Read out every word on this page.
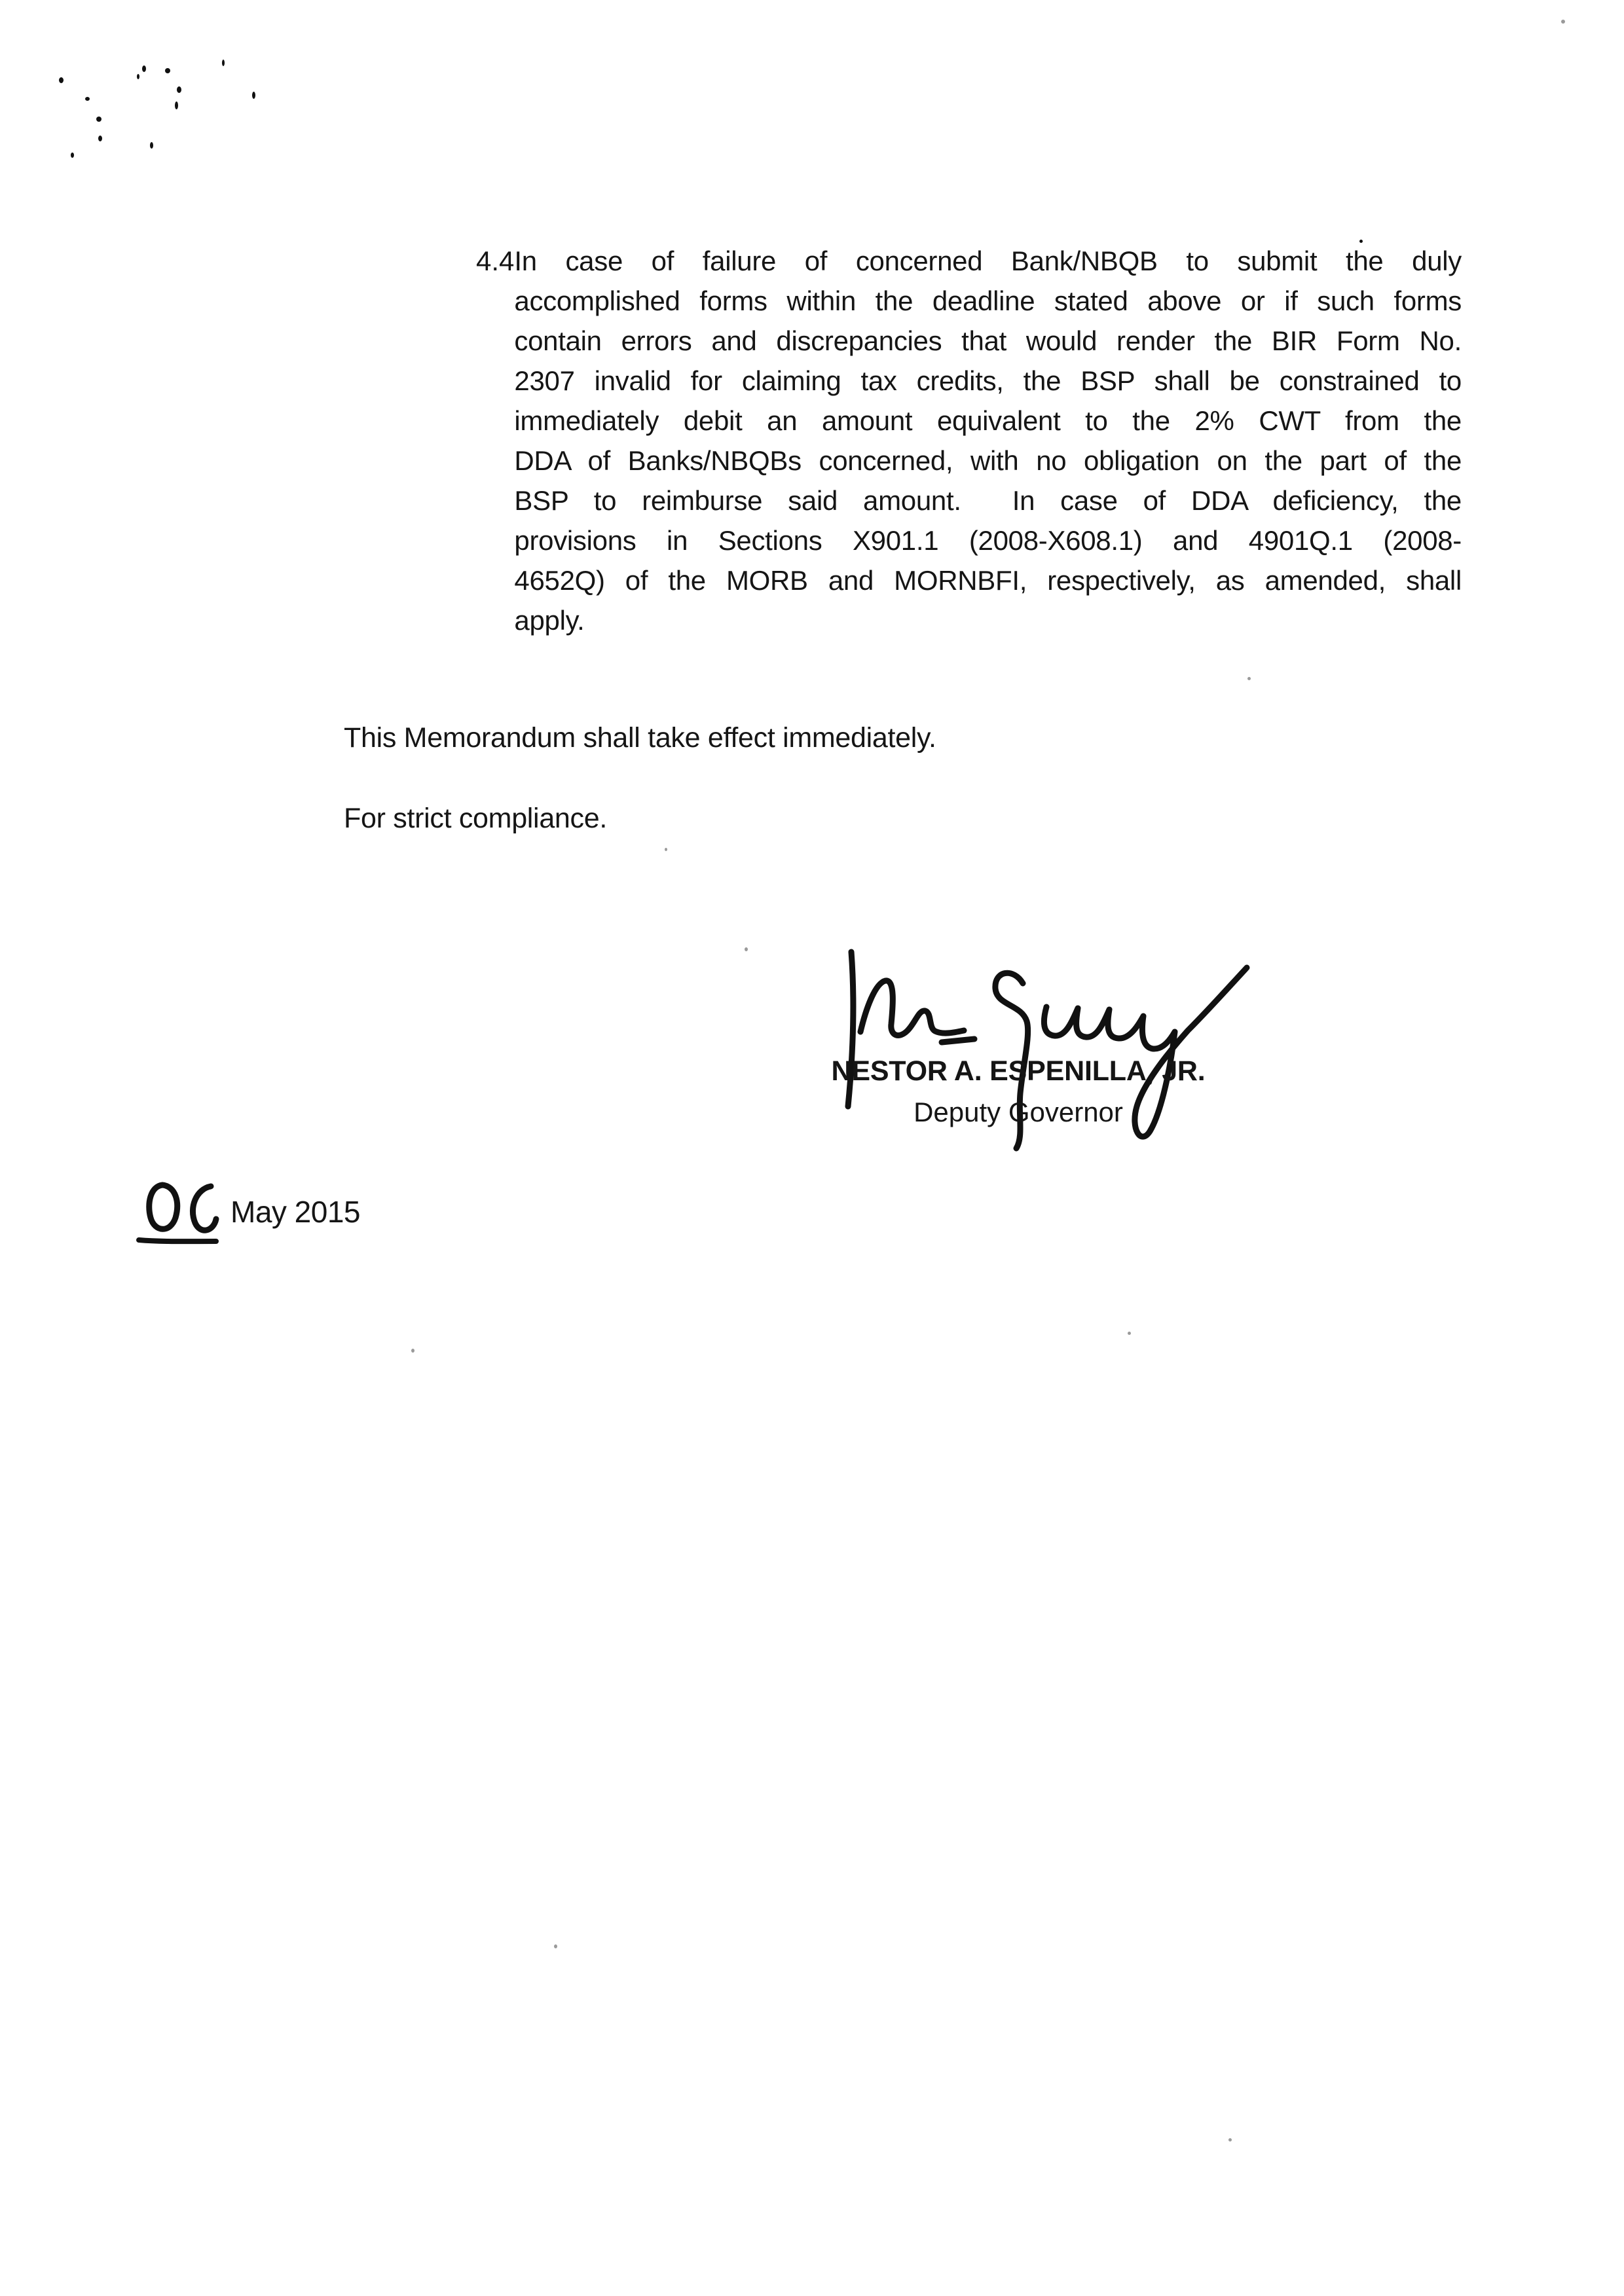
4.4 In case of failure of concerned Bank/NBQB to submit the duly
accomplished forms within the deadline stated above or if such forms
contain errors and discrepancies that would render the BIR Form No.
2307 invalid for claiming tax credits, the BSP shall be constrained to
immediately debit an amount equivalent to the 2% CWT from the
DDA of Banks/NBQBs concerned, with no obligation on the part of the
BSP to reimburse said amount.  In case of DDA deficiency, the
provisions in Sections X901.1 (2008-X608.1) and 4901Q.1 (2008-
4652Q) of the MORB and MORNBFI, respectively, as amended, shall
apply.
This Memorandum shall take effect immediately.
For strict compliance.
NESTOR A. ESPENILLA, JR.
Deputy Governor
May 2015
